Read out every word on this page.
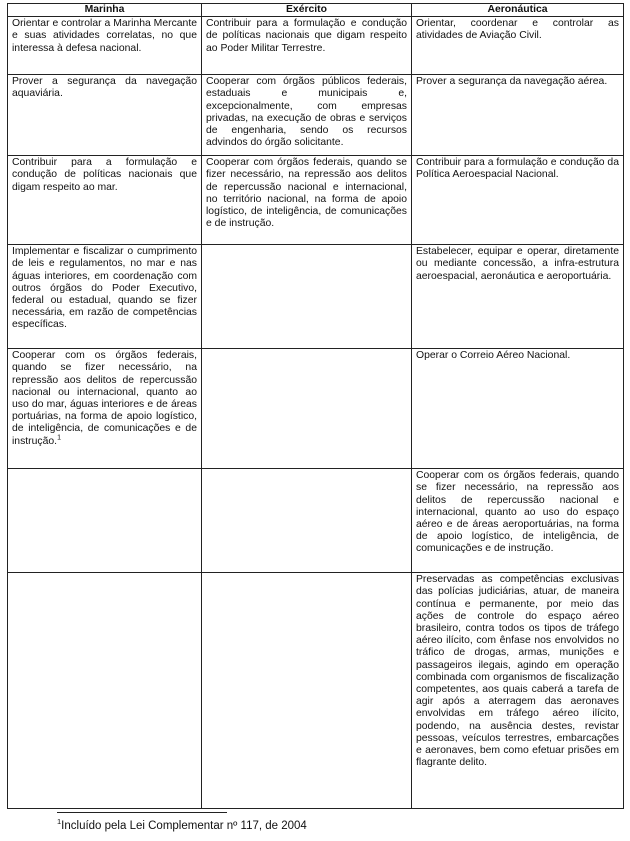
Marinha	Exército	Aeronáutica
Orientar e controlar a Marinha Mercante e suas atividades correlatas, no que interessa à defesa nacional.	Contribuir para a formulação e condução de políticas nacionais que digam respeito ao Poder Militar Terrestre.	Orientar, coordenar e controlar as atividades de Aviação Civil.
Prover a segurança da navegação aquaviária.	Cooperar com órgãos públicos federais, estaduais e municipais e, excepcionalmente, com empresas privadas, na execução de obras e serviços de engenharia, sendo os recursos advindos do órgão solicitante.	Prover a segurança da navegação aérea.
Contribuir para a formulação e condução de políticas nacionais que digam respeito ao mar.	Cooperar com órgãos federais, quando se fizer necessário, na repressão aos delitos de repercussão nacional e internacional, no território nacional, na forma de apoio logístico, de inteligência, de comunicações e de instrução.	Contribuir para a formulação e condução da Política Aeroespacial Nacional.
Implementar e fiscalizar o cumprimento de leis e regulamentos, no mar e nas águas interiores, em coordenação com outros órgãos do Poder Executivo, federal ou estadual, quando se fizer necessária, em razão de competências específicas.		Estabelecer, equipar e operar, diretamente ou mediante concessão, a infra-estrutura aeroespacial, aeronáutica e aeroportuária.
Cooperar com os órgãos federais, quando se fizer necessário, na repressão aos delitos de repercussão nacional ou internacional, quanto ao uso do mar, águas interiores e de áreas portuárias, na forma de apoio logístico, de inteligência, de comunicações e de instrução.$^1$		Operar o Correio Aéreo Nacional.
		Cooperar com os órgãos federais, quando se fizer necessário, na repressão aos delitos de repercussão nacional e internacional, quanto ao uso do espaço aéreo e de áreas aeroportuárias, na forma de apoio logístico, de inteligência, de comunicações e de instrução.
		Preservadas as competências exclusivas das polícias judiciárias, atuar, de maneira contínua e permanente, por meio das ações de controle do espaço aéreo brasileiro, contra todos os tipos de tráfego aéreo ilícito, com ênfase nos envolvidos no tráfico de drogas, armas, munições e passageiros ilegais, agindo em operação combinada com organismos de fiscalização competentes, aos quais caberá a tarefa de agir após a aterragem das aeronaves envolvidas em tráfego aéreo ilícito, podendo, na ausência destes, revistar pessoas, veículos terrestres, embarcações e aeronaves, bem como efetuar prisões em flagrante delito.
$^1$Incluído pela Lei Complementar nº 117, de 2004
